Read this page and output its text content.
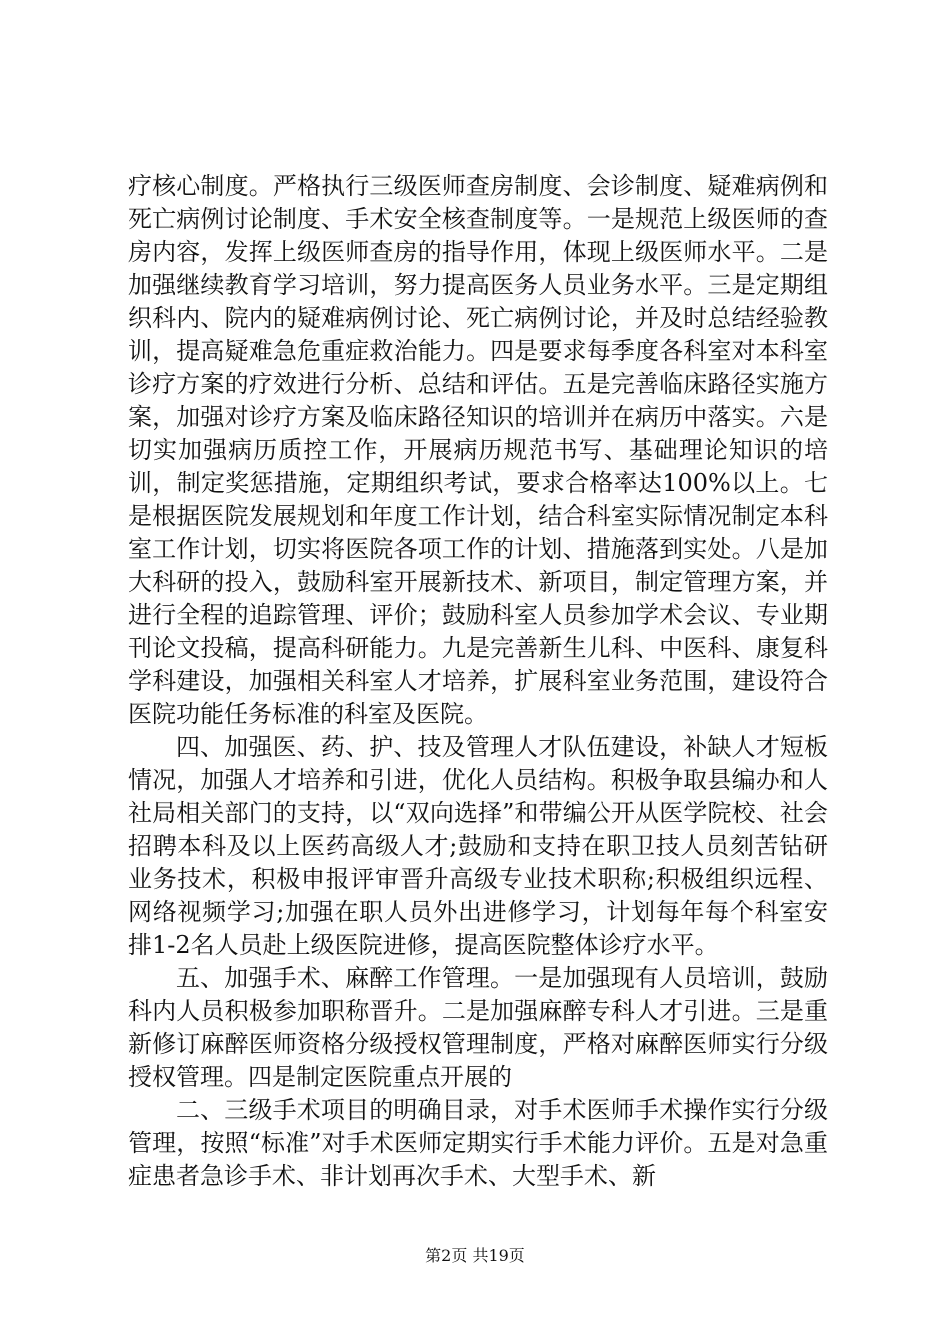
疗核心制度。严格执行三级医师查房制度、会诊制度、疑难病例和死亡病例讨论制度、手术安全核查制度等。一是规范上级医师的查房内容，发挥上级医师查房的指导作用，体现上级医师水平。二是加强继续教育学习培训，努力提高医务人员业务水平。三是定期组织科内、院内的疑难病例讨论、死亡病例讨论，并及时总结经验教训，提高疑难急危重症救治能力。四是要求每季度各科室对本科室诊疗方案的疗效进行分析、总结和评估。五是完善临床路径实施方案，加强对诊疗方案及临床路径知识的培训并在病历中落实。六是切实加强病历质控工作，开展病历规范书写、基础理论知识的培训，制定奖惩措施，定期组织考试，要求合格率达100%以上。七是根据医院发展规划和年度工作计划，结合科室实际情况制定本科室工作计划，切实将医院各项工作的计划、措施落到实处。八是加大科研的投入，鼓励科室开展新技术、新项目，制定管理方案，并进行全程的追踪管理、评价；鼓励科室人员参加学术会议、专业期刊论文投稿，提高科研能力。九是完善新生儿科、中医科、康复科学科建设，加强相关科室人才培养，扩展科室业务范围，建设符合医院功能任务标准的科室及医院。

四、加强医、药、护、技及管理人才队伍建设，补缺人才短板情况，加强人才培养和引进，优化人员结构。积极争取县编办和人社局相关部门的支持，以“双向选择”和带编公开从医学院校、社会招聘本科及以上医药高级人才;鼓励和支持在职卫技人员刻苦钻研业务技术，积极申报评审晋升高级专业技术职称;积极组织远程、网络视频学习;加强在职人员外出进修学习，计划每年每个科室安排1-2名人员赴上级医院进修，提高医院整体诊疗水平。

五、加强手术、麻醉工作管理。一是加强现有人员培训，鼓励科内人员积极参加职称晋升。二是加强麻醉专科人才引进。三是重新修订麻醉医师资格分级授权管理制度，严格对麻醉医师实行分级授权管理。四是制定医院重点开展的

二、三级手术项目的明确目录，对手术医师手术操作实行分级管理，按照“标准”对手术医师定期实行手术能力评价。五是对急重症患者急诊手术、非计划再次手术、大型手术、新

第2页 共19页
